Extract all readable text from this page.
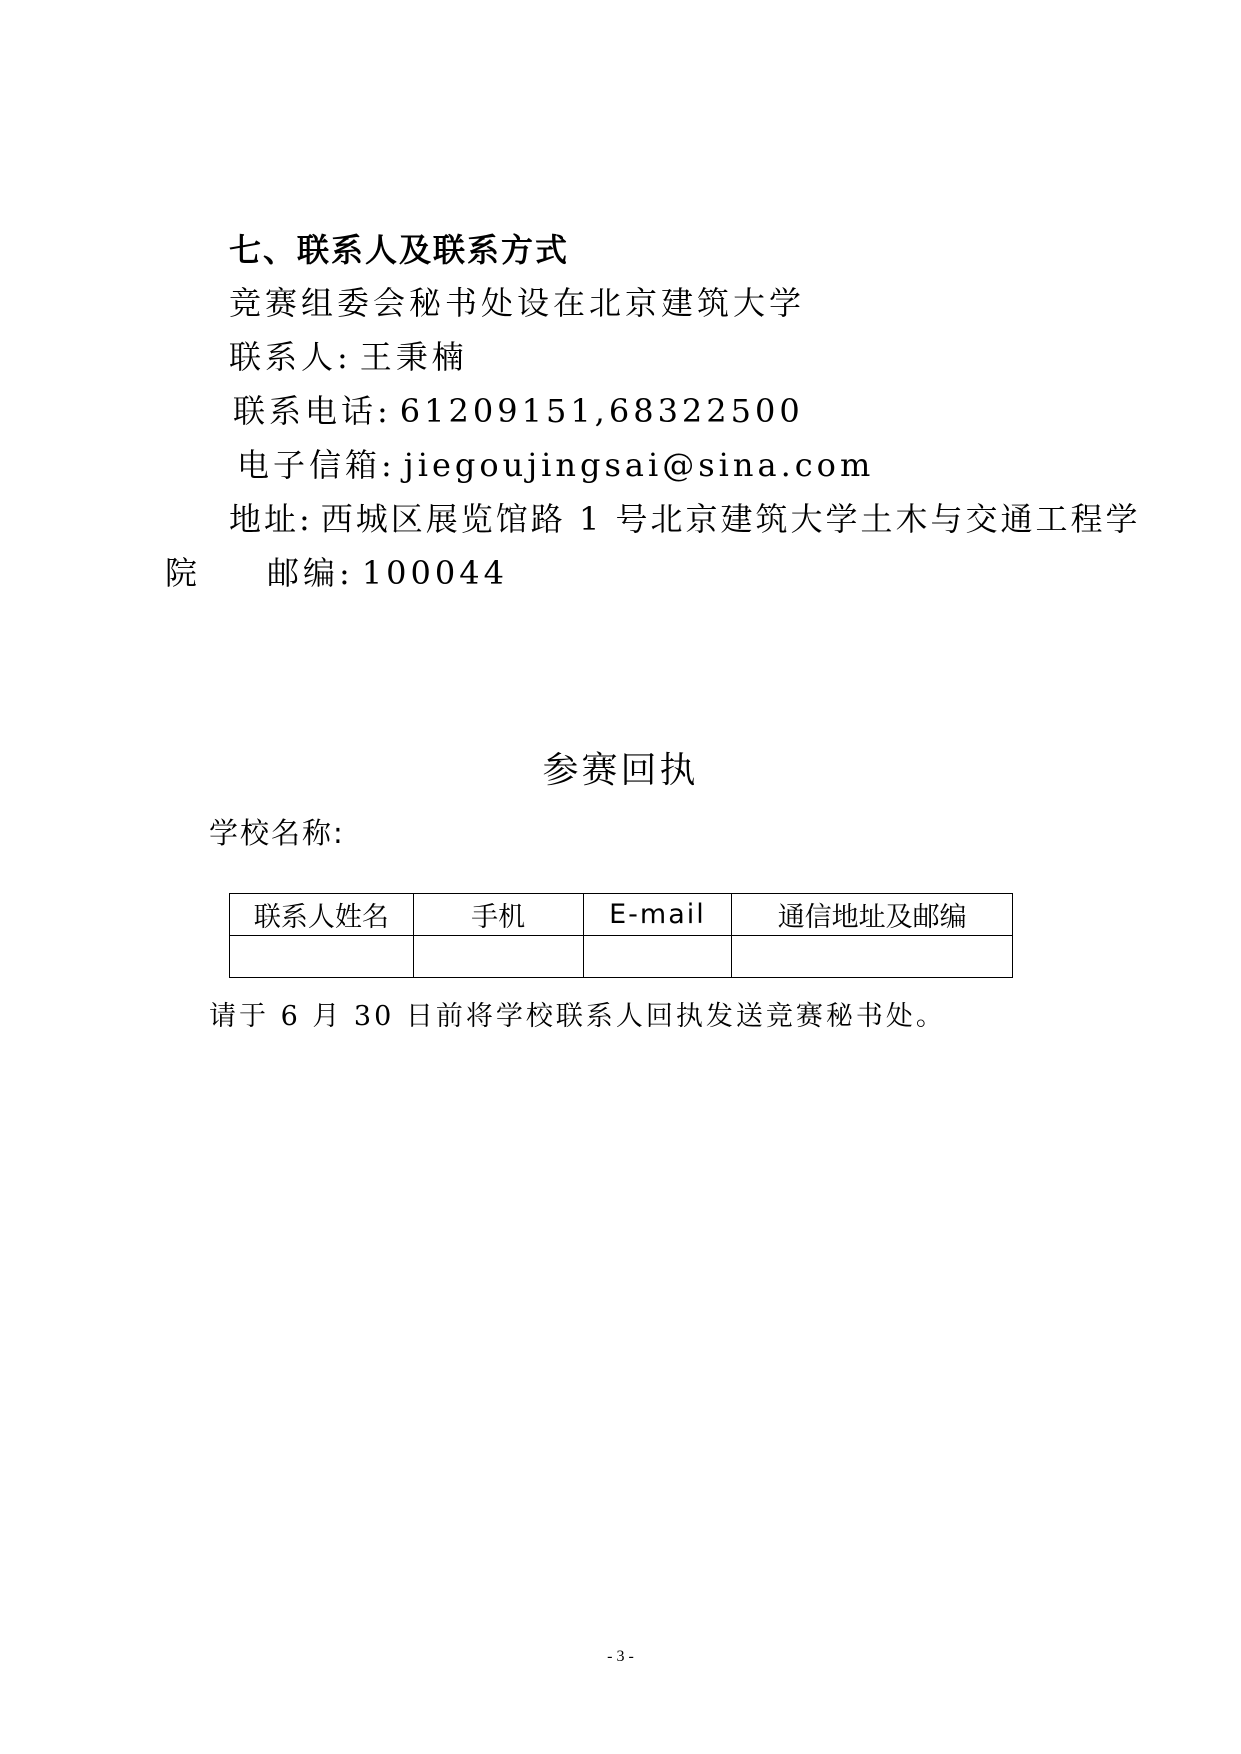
七、联系人及联系方式
竞赛组委会秘书处设在北京建筑大学
联系人: 王秉楠
联系电话: 61209151,68322500
电子信箱: jiegoujingsai@sina.com
地址: 西城区展览馆路 1 号北京建筑大学土木与交通工程学
院 邮编: 100044
参赛回执
学校名称:
联系人姓名	手机	E-mail	通信地址及邮编

请于 6 月 30 日前将学校联系人回执发送竞赛秘书处。
- 3 -
